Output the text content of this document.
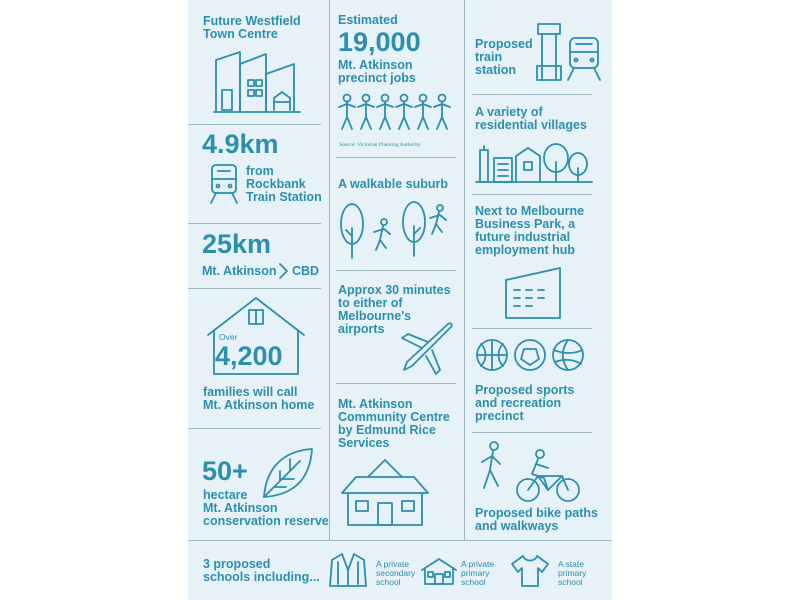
Future Westfield
Town Centre
4.9km
from
Rockbank
Train Station
25km
Mt. Atkinson CBD
Over
4,200
families will call
Mt. Atkinson home
50+
hectare
Mt. Atkinson
conservation reserve
Estimated
19,000
Mt. Atkinson
precinct jobs
Source: Victorian Planning Authority
A walkable suburb
Approx 30 minutes
to either of
Melbourne's
airports
Mt. Atkinson
Community Centre
by Edmund Rice
Services
Proposed
train
station
A variety of
residential villages
Next to Melbourne
Business Park, a
future industrial
employment hub
Proposed sports
and recreation
precinct
Proposed bike paths
and walkways
3 proposed
schools including...
A private
secondary
school
A private
primary
school
A state
primary
school
